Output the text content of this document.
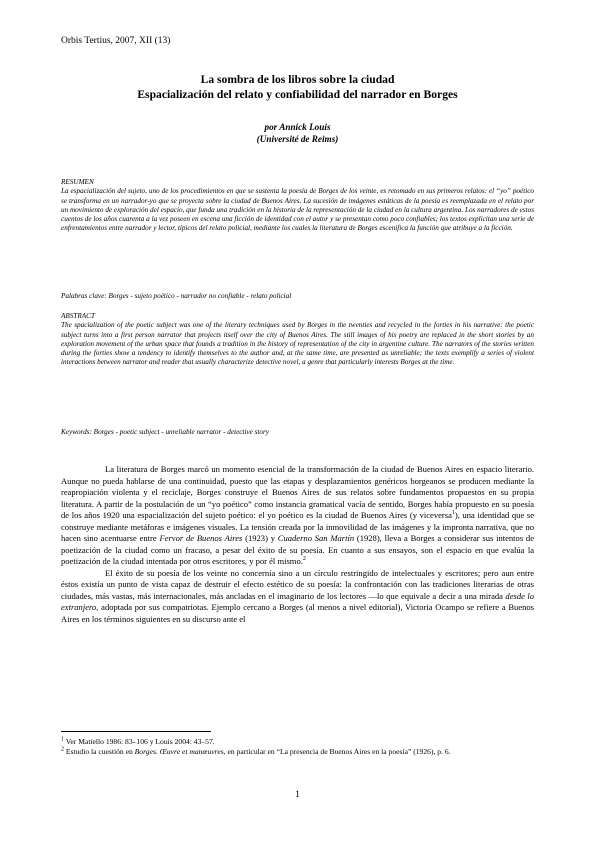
Orbis Tertius, 2007, XII (13)
La sombra de los libros sobre la ciudad
Espacialización del relato y confiabilidad del narrador en Borges
por Annick Louis
(Université de Reims)
RESUMEN
La espacialización del sujeto, uno de los procedimientos en que se sustenta la poesía de Borges de los veinte, es retomado en sus primeros relatos: el “yo” poético se transforma en un narrador-yo que se proyecta sobre la ciudad de Buenos Aires. La sucesión de imágenes estáticas de la poesía es reemplazada en el relato por un movimiento de exploración del espacio, que funda una tradición en la historia de la representación de la ciudad en la cultura argentina. Los narradores de estos cuentos de los años cuarenta a la vez poseen en escena una ficción de identidad con el autor y se presentan como poco confiables; los textos explicitan una serie de enfrentamientos entre narrador y lector, típicos del relato policial, mediante los cuales la literatura de Borges escenifica la función que atribuye a la ficción.
Palabras clave: Borges - sujeto poético - narrador no confiable - relato policial
ABSTRACT
The spacialization of the poetic subject was one of the literary techniques used by Borges in the twenties and recycled in the forties in his narrative: the poetic subject turns into a first person narrator that projects itself over the city of Buenos Aires. The still images of his poetry are replaced in the short stories by an exploration movement of the urban space that founds a tradition in the history of representation of the city in argentine culture. The narrators of the stories written during the forties show a tendency to identify themselves to the author and, at the same time, are presented as unreliable; the texts exemplify a series of violent interactions between narrator and reader that usually characterize detective novel, a genre that particularly interests Borges at the time.
Keywords: Borges - poetic subject - unreliable narrator - detective story

La literatura de Borges marcó un momento esencial de la transformación de la ciudad de Buenos Aires en espacio literario. Aunque no pueda hablarse de una continuidad, puesto que las etapas y desplazamientos genéricos borgeanos se producen mediante la reapropiación violenta y el reciclaje, Borges construye el Buenos Aires de sus relatos sobre fundamentos propuestos en su propia literatura. A partir de la postulación de un “yo poético” como instancia gramatical vacía de sentido, Borges había propuesto en su poesía de los años 1920 una espacialización del sujeto poético: el yo poético es la ciudad de Buenos Aires (y viceversa$^1$), una identidad que se construye mediante metáforas e imágenes visuales. La tensión creada por la inmovilidad de las imágenes y la impronta narrativa, que no hacen sino acentuarse entre Fervor de Buenos Aires (1923) y Cuaderno San Martín (1928), lleva a Borges a considerar sus intentos de poetización de la ciudad como un fracaso, a pesar del éxito de su poesía. En cuanto a sus ensayos, son el espacio en que evalúa la poetización de la ciudad intentada por otros escritores, y por él mismo.$^2$

El éxito de su poesía de los veinte no concernía sino a un círculo restringido de intelectuales y escritores; pero aun entre éstos existía un punto de vista capaz de destruir el efecto estético de su poesía: la confrontación con las tradiciones literarias de otras ciudades, más vastas, más internacionales, más ancladas en el imaginario de los lectores —lo que equivale a decir a una mirada desde lo extranjero, adoptada por sus compatriotas. Ejemplo cercano a Borges (al menos a nivel editorial), Victoria Ocampo se refiere a Buenos Aires en los términos siguientes en su discurso ante el

$^1$ Ver Matiello 1986: 83–106 y Louis 2004: 43–57.

$^2$ Estudio la cuestión en Borges. Œuvre et manœuvres, en particular en “La presencia de Buenos Aires en la poesía” (1926), p. 6.

1
